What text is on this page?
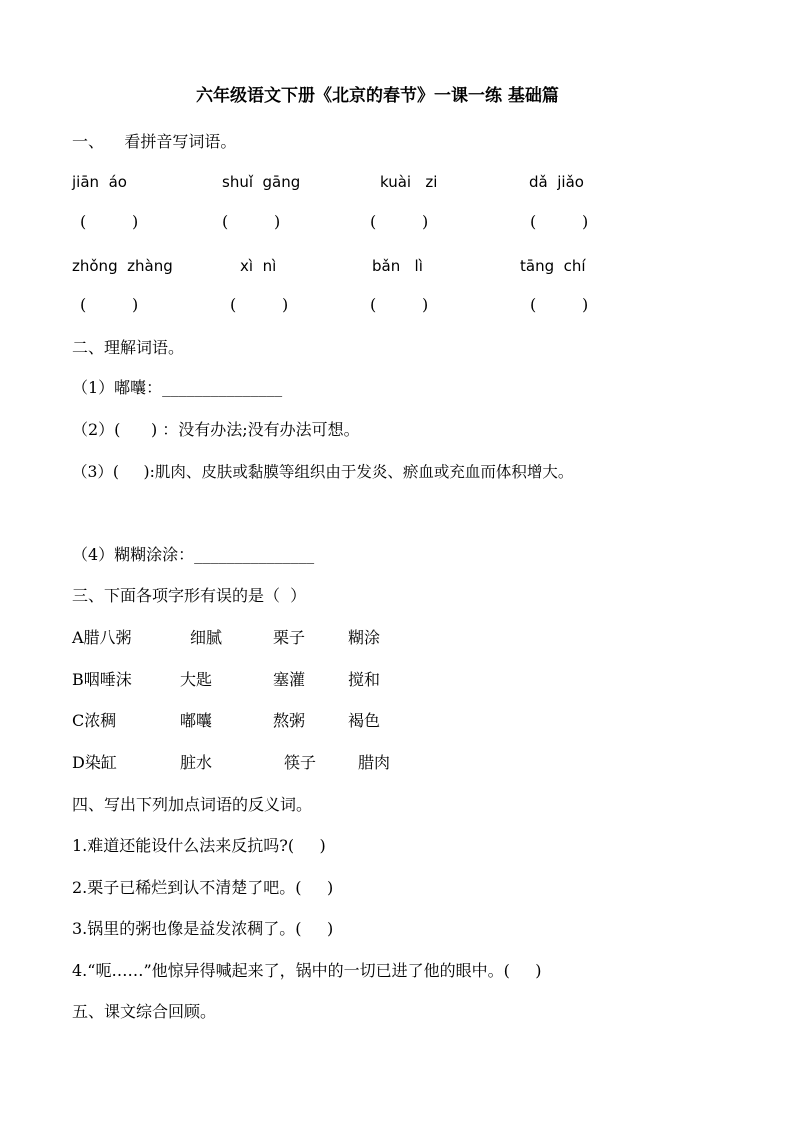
六年级语文下册《北京的春节》一课一练 基础篇
一、    看拼音写词语。
jiān  áo	shuǐ  gāng	kuài   zi	dǎ  jiǎo
(         )	(         )	(         )	(         )
zhǒng  zhàng	xì  nì	bǎn   lì	tāng  chí
(         )	(         )	(         )	(         )
二、理解词语。
（1）嘟囔：_______________
（2）(      ) ：没有办法;没有办法可想。
（3）(     ):肌肉、皮肤或黏膜等组织由于发炎、瘀血或充血而体积增大。
（4）糊糊涂涂：_______________
三、下面各项字形有误的是（  ）
A腊八粥	细腻	栗子	糊涂
B咽唾沫	大匙	塞灌	搅和
C浓稠	嘟囔	熬粥	褐色
D染缸	脏水	筷子	腊肉
四、写出下列加点词语的反义词。
1.难道还能设什么法来反抗吗?(     )
2.栗子已稀烂到认不清楚了吧。(     )
3.锅里的粥也像是益发浓稠了。(     )
4.“呃……”他惊异得喊起来了，锅中的一切已进了他的眼中。(     )
五、课文综合回顾。
